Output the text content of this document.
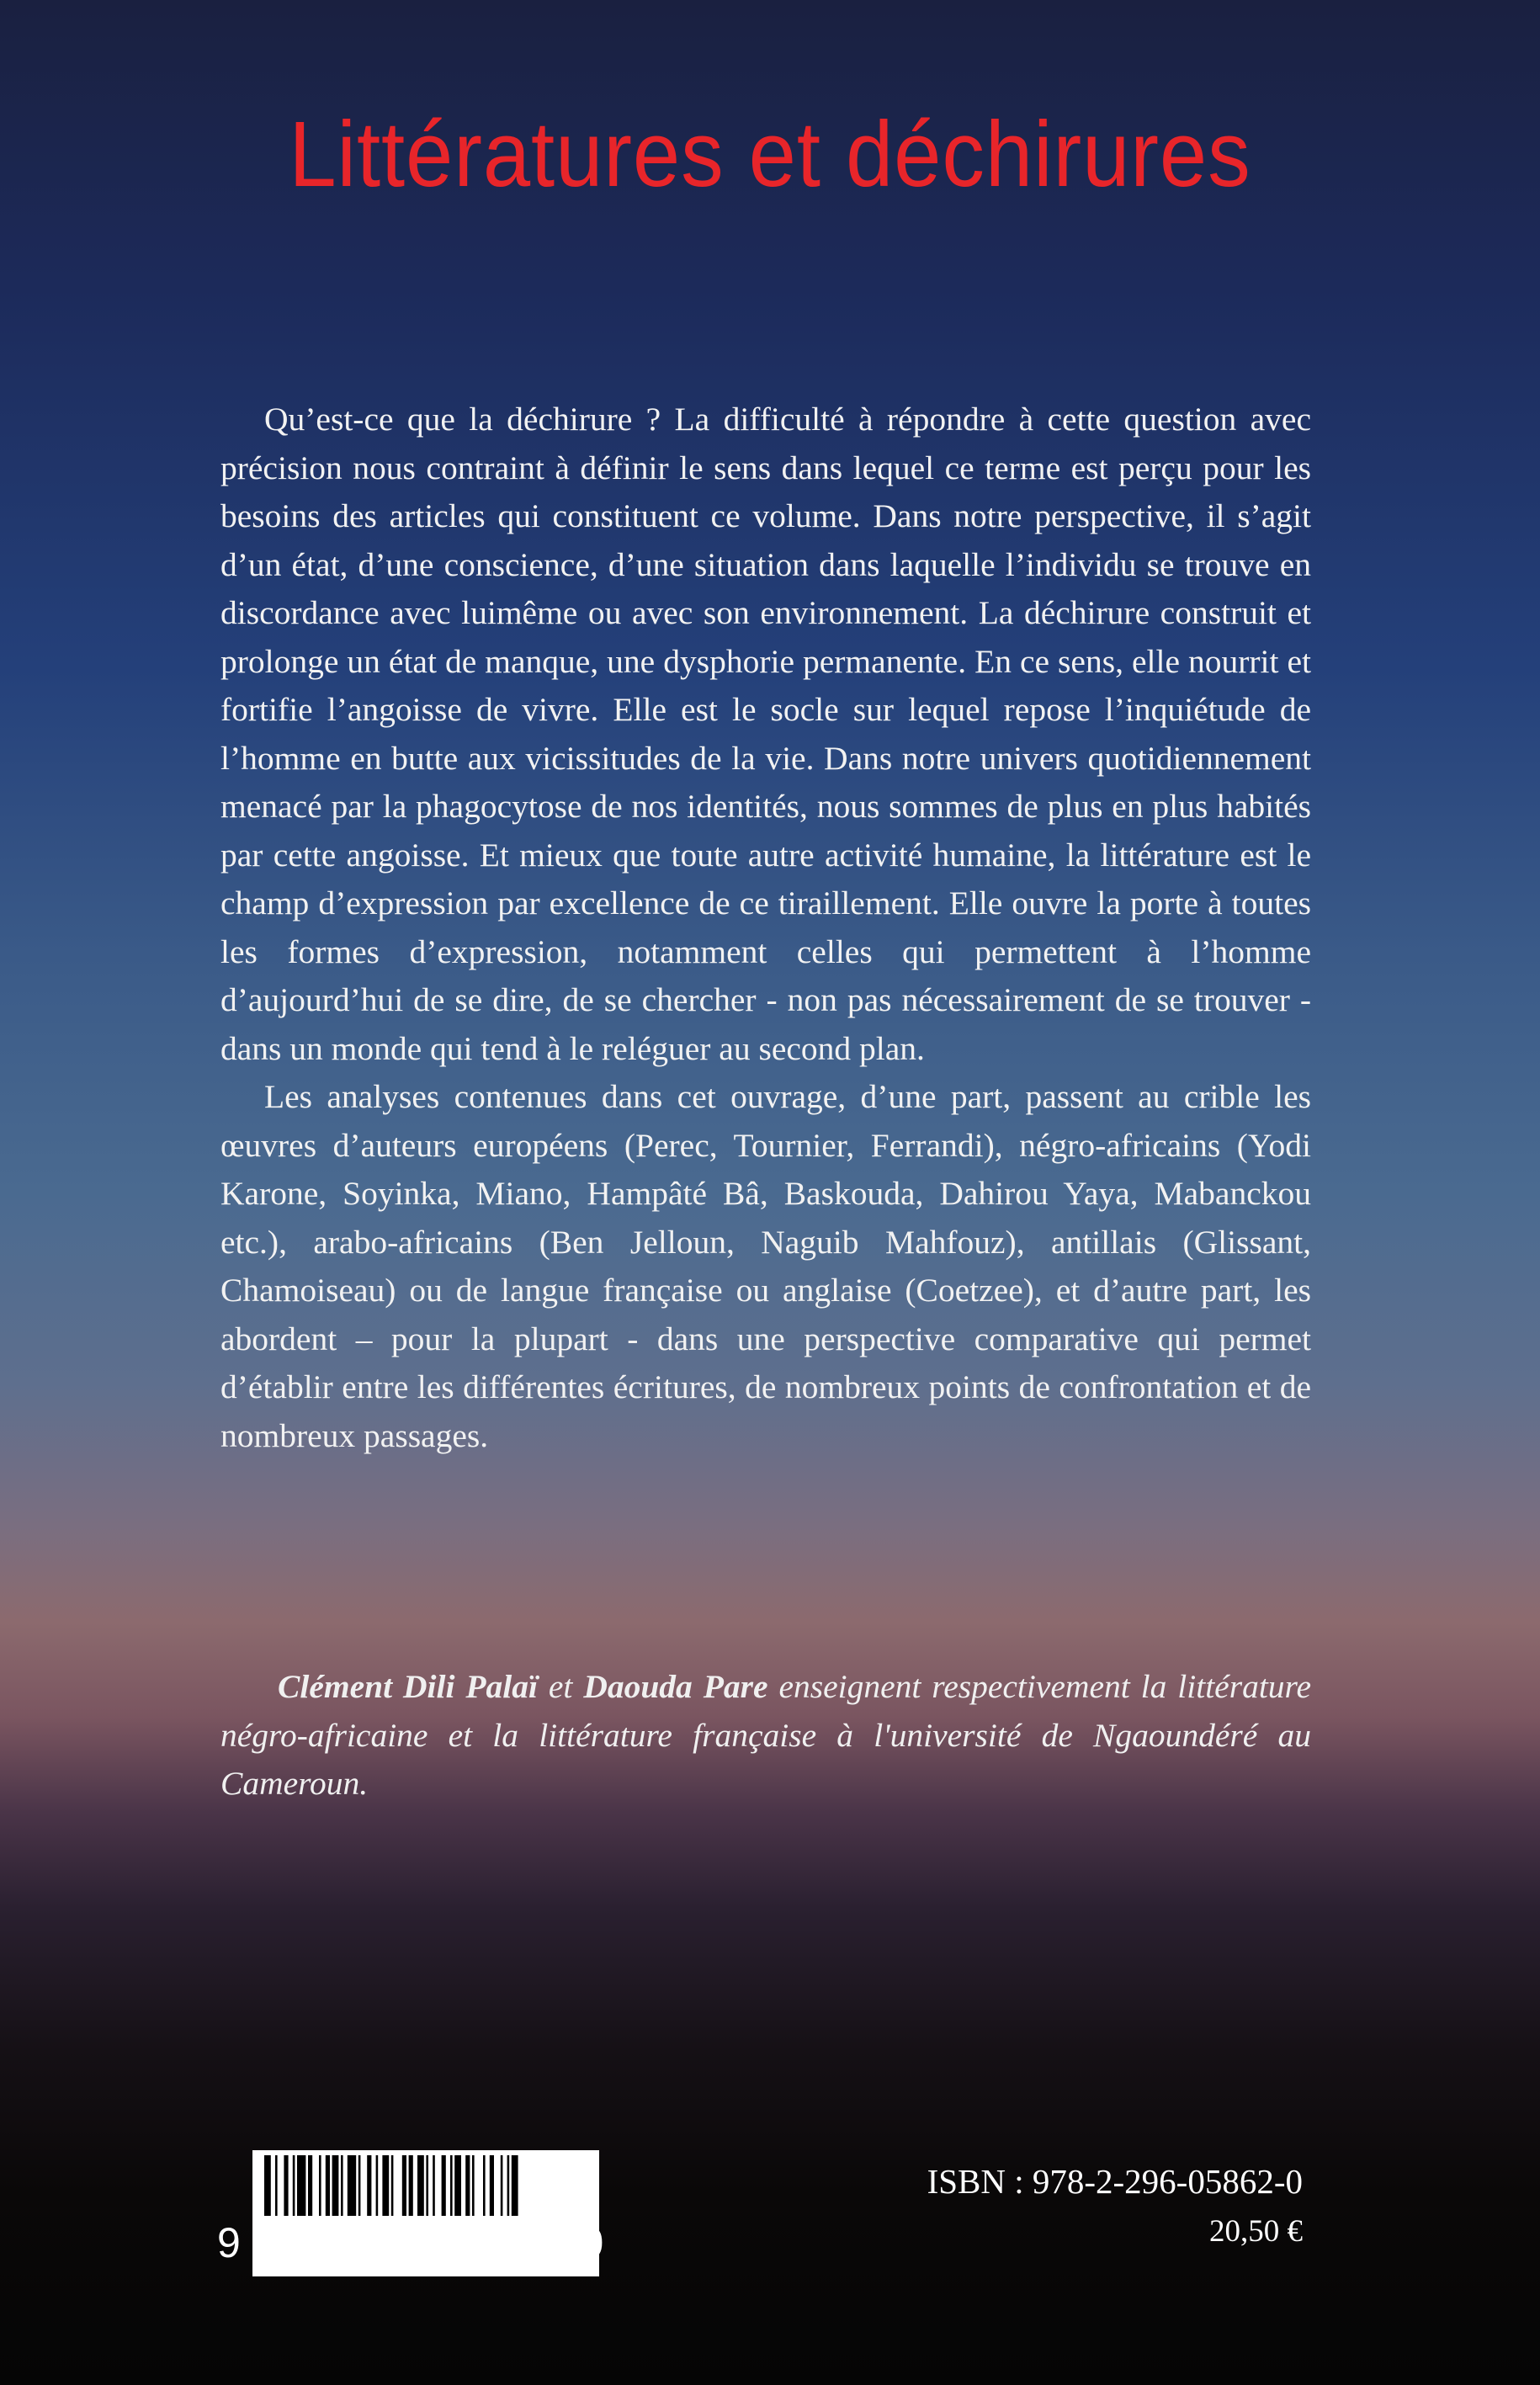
Littératures et déchirures

Qu’est-ce que la déchirure ? La difficulté à répondre à cette question avec précision nous contraint à définir le sens dans lequel ce terme est perçu pour les besoins des articles qui constituent ce volume. Dans notre perspective, il s’agit d’un état, d’une conscience, d’une situation dans laquelle l’individu se trouve en discordance avec luimême ou avec son environnement. La déchirure construit et prolonge un état de manque, une dysphorie permanente. En ce sens, elle nourrit et fortifie l’angoisse de vivre. Elle est le socle sur lequel repose l’inquiétude de l’homme en butte aux vicissitudes de la vie. Dans notre univers quotidiennement menacé par la phagocytose de nos identités, nous sommes de plus en plus habités par cette angoisse. Et mieux que toute autre activité humaine, la littérature est le champ d’expression par excellence de ce tiraillement. Elle ouvre la porte à toutes les formes d’expression, notamment celles qui permettent à l’homme d’aujourd’hui de se dire, de se chercher - non pas nécessairement de se trouver - dans un monde qui tend à le reléguer au second plan.

Les analyses contenues dans cet ouvrage, d’une part, passent au crible les œuvres d’auteurs européens (Perec, Tournier, Ferrandi), négro-africains (Yodi Karone, Soyinka, Miano, Hampâté Bâ, Baskouda, Dahirou Yaya, Mabanckou etc.), arabo-africains (Ben Jelloun, Naguib Mahfouz), antillais (Glissant, Chamoiseau) ou de langue française ou anglaise (Coetzee), et d’autre part, les abordent – pour la plupart - dans une perspective comparative qui permet d’établir entre les différentes écritures, de nombreux points de confrontation et de nombreux passages.

Clément Dili Palaï et Daouda Pare enseignent respectivement la littérature négro-africaine et la littérature française à l'université de Ngaoundéré au Cameroun.
9 782296 058620
ISBN : 978-2-296-05862-0
20,50 €
